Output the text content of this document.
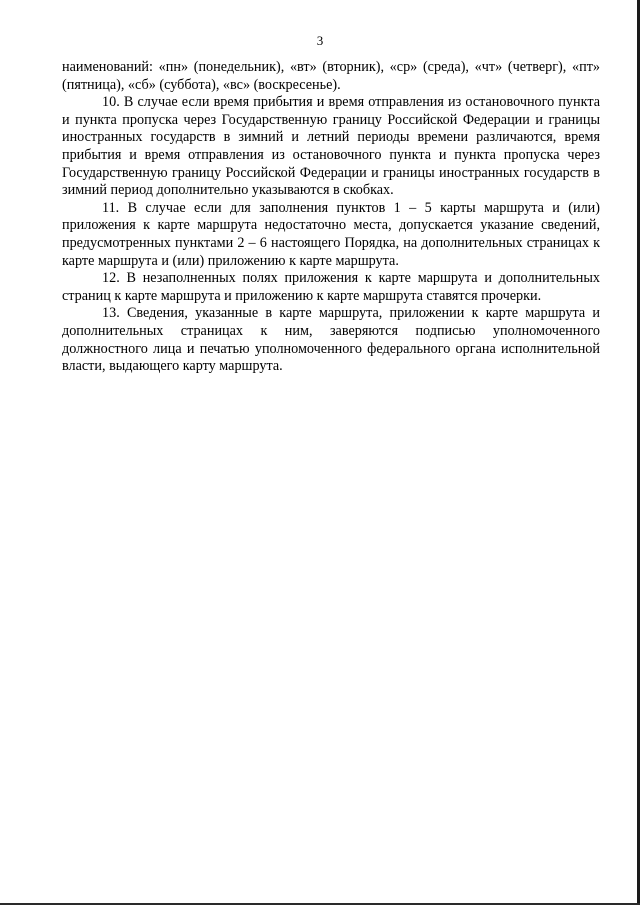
3

наименований: «пн» (понедельник), «вт» (вторник), «ср» (среда), «чт» (четверг), «пт» (пятница), «сб» (суббота), «вс» (воскресенье).

10. В случае если время прибытия и время отправления из остановочного пункта и пункта пропуска через Государственную границу Российской Федерации и границы иностранных государств в зимний и летний периоды времени различаются, время прибытия и время отправления из остановочного пункта и пункта пропуска через Государственную границу Российской Федерации и границы иностранных государств в зимний период дополнительно указываются в скобках.

11. В случае если для заполнения пунктов 1 – 5 карты маршрута и (или) приложения к карте маршрута недостаточно места, допускается указание сведений, предусмотренных пунктами 2 – 6 настоящего Порядка, на дополнительных страницах к карте маршрута и (или) приложению к карте маршрута.

12. В незаполненных полях приложения к карте маршрута и дополнительных страниц к карте маршрута и приложению к карте маршрута ставятся прочерки.

13. Сведения, указанные в карте маршрута, приложении к карте маршрута и дополнительных страницах к ним, заверяются подписью уполномоченного должностного лица и печатью уполномоченного федерального органа исполнительной власти, выдающего карту маршрута.
